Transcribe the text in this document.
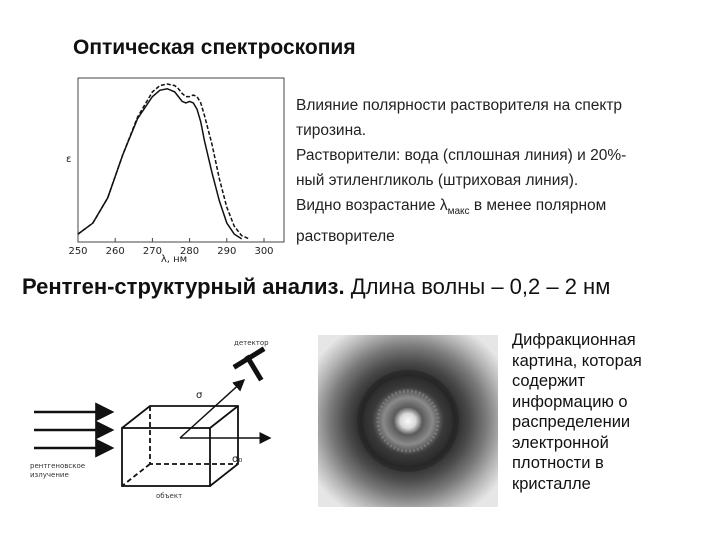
Оптическая спектроскопия
ε
250 260 270 280 290 300
λ, нм

Влияние полярности растворителя на спектр

тирозина.

Растворители: вода (сплошная линия) и 20%-

ный этиленгликоль (штриховая линия).

Видно возрастание $\lambda_{макс}$ в менее полярном

растворителе

Рентген-структурный анализ. Длина волны – 0,2 – 2 нм
детектор
σ
σ₀
рентгеновское
излучение
объект
Дифракционная
картина, которая
содержит
информацию о
распределении
электронной
плотности в
кристалле
